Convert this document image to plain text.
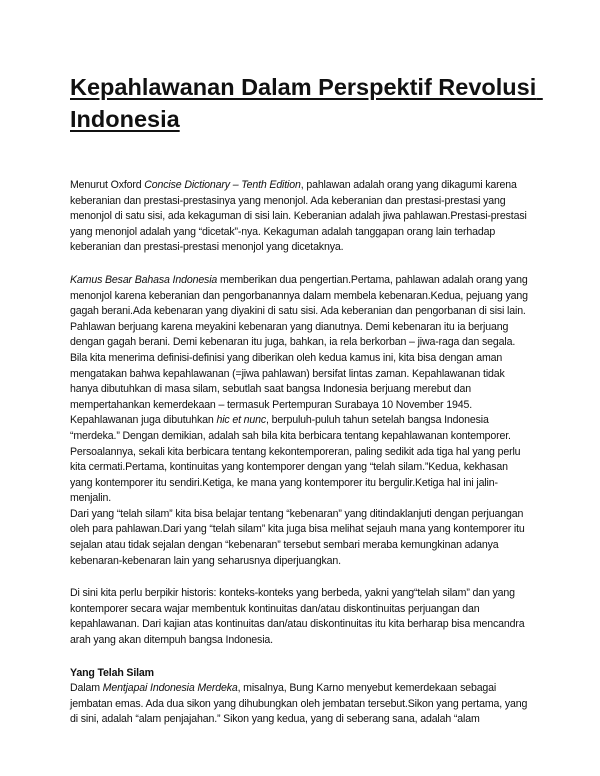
Kepahlawanan Dalam Perspektif Revolusi
Indonesia
Menurut Oxford Concise Dictionary – Tenth Edition, pahlawan adalah orang yang dikagumi karena
keberanian dan prestasi-prestasinya yang menonjol. Ada keberanian dan prestasi-prestasi yang
menonjol di satu sisi, ada kekaguman di sisi lain. Keberanian adalah jiwa pahlawan.Prestasi-prestasi
yang menonjol adalah yang “dicetak”-nya. Kekaguman adalah tanggapan orang lain terhadap
keberanian dan prestasi-prestasi menonjol yang dicetaknya.
Kamus Besar Bahasa Indonesia memberikan dua pengertian.Pertama, pahlawan adalah orang yang
menonjol karena keberanian dan pengorbanannya dalam membela kebenaran.Kedua, pejuang yang
gagah berani.Ada kebenaran yang diyakini di satu sisi. Ada keberanian dan pengorbanan di sisi lain.
Pahlawan berjuang karena meyakini kebenaran yang dianutnya. Demi kebenaran itu ia berjuang
dengan gagah berani. Demi kebenaran itu juga, bahkan, ia rela berkorban – jiwa-raga dan segala.
Bila kita menerima definisi-definisi yang diberikan oleh kedua kamus ini, kita bisa dengan aman
mengatakan bahwa kepahlawanan (=jiwa pahlawan) bersifat lintas zaman. Kepahlawanan tidak
hanya dibutuhkan di masa silam, sebutlah saat bangsa Indonesia berjuang merebut dan
mempertahankan kemerdekaan – termasuk Pertempuran Surabaya 10 November 1945.
Kepahlawanan juga dibutuhkan hic et nunc, berpuluh-puluh tahun setelah bangsa Indonesia
“merdeka.” Dengan demikian, adalah sah bila kita berbicara tentang kepahlawanan kontemporer.
Persoalannya, sekali kita berbicara tentang kekontemporeran, paling sedikit ada tiga hal yang perlu
kita cermati.Pertama, kontinuitas yang kontemporer dengan yang “telah silam.”Kedua, kekhasan
yang kontemporer itu sendiri.Ketiga, ke mana yang kontemporer itu bergulir.Ketiga hal ini jalin-
menjalin.
Dari yang “telah silam” kita bisa belajar tentang “kebenaran” yang ditindaklanjuti dengan perjuangan
oleh para pahlawan.Dari yang “telah silam” kita juga bisa melihat sejauh mana yang kontemporer itu
sejalan atau tidak sejalan dengan “kebenaran” tersebut sembari meraba kemungkinan adanya
kebenaran-kebenaran lain yang seharusnya diperjuangkan.
Di sini kita perlu berpikir historis: konteks-konteks yang berbeda, yakni yang“telah silam” dan yang
kontemporer secara wajar membentuk kontinuitas dan/atau diskontinuitas perjuangan dan
kepahlawanan. Dari kajian atas kontinuitas dan/atau diskontinuitas itu kita berharap bisa mencandra
arah yang akan ditempuh bangsa Indonesia.
Yang Telah Silam
Dalam Mentjapai Indonesia Merdeka, misalnya, Bung Karno menyebut kemerdekaan sebagai
jembatan emas. Ada dua sikon yang dihubungkan oleh jembatan tersebut.Sikon yang pertama, yang
di sini, adalah “alam penjajahan.” Sikon yang kedua, yang di seberang sana, adalah “alam
